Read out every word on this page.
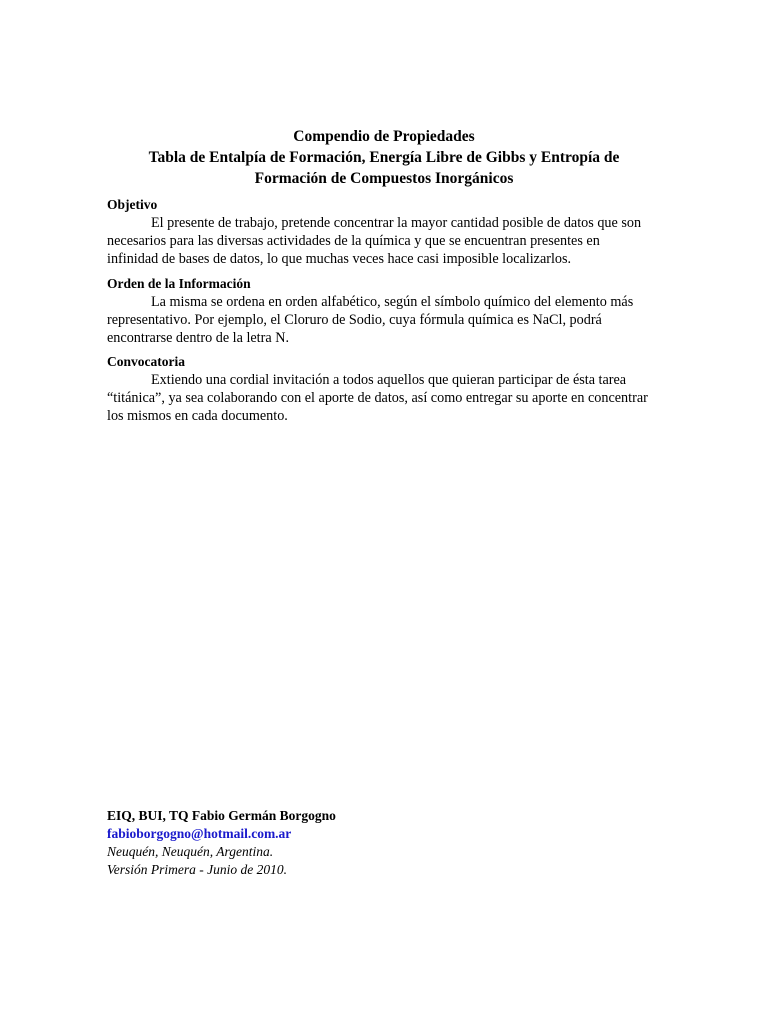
Compendio de Propiedades
Tabla de Entalpía de Formación, Energía Libre de Gibbs y Entropía de
Formación de Compuestos Inorgánicos
Objetivo
El presente de trabajo, pretende concentrar la mayor cantidad posible de datos que son
necesarios para las diversas actividades de la química y que se encuentran presentes en
infinidad de bases de datos, lo que muchas veces hace casi imposible localizarlos.
Orden de la Información
La misma se ordena en orden alfabético, según el símbolo químico del elemento más
representativo. Por ejemplo, el Cloruro de Sodio, cuya fórmula química es NaCl, podrá
encontrarse dentro de la letra N.
Convocatoria
Extiendo una cordial invitación a todos aquellos que quieran participar de ésta tarea
“titánica”, ya sea colaborando con el aporte de datos, así como entregar su aporte en concentrar
los mismos en cada documento.
EIQ, BUI, TQ Fabio Germán Borgogno
fabioborgogno@hotmail.com.ar
Neuquén, Neuquén, Argentina.
Versión Primera - Junio de 2010.
